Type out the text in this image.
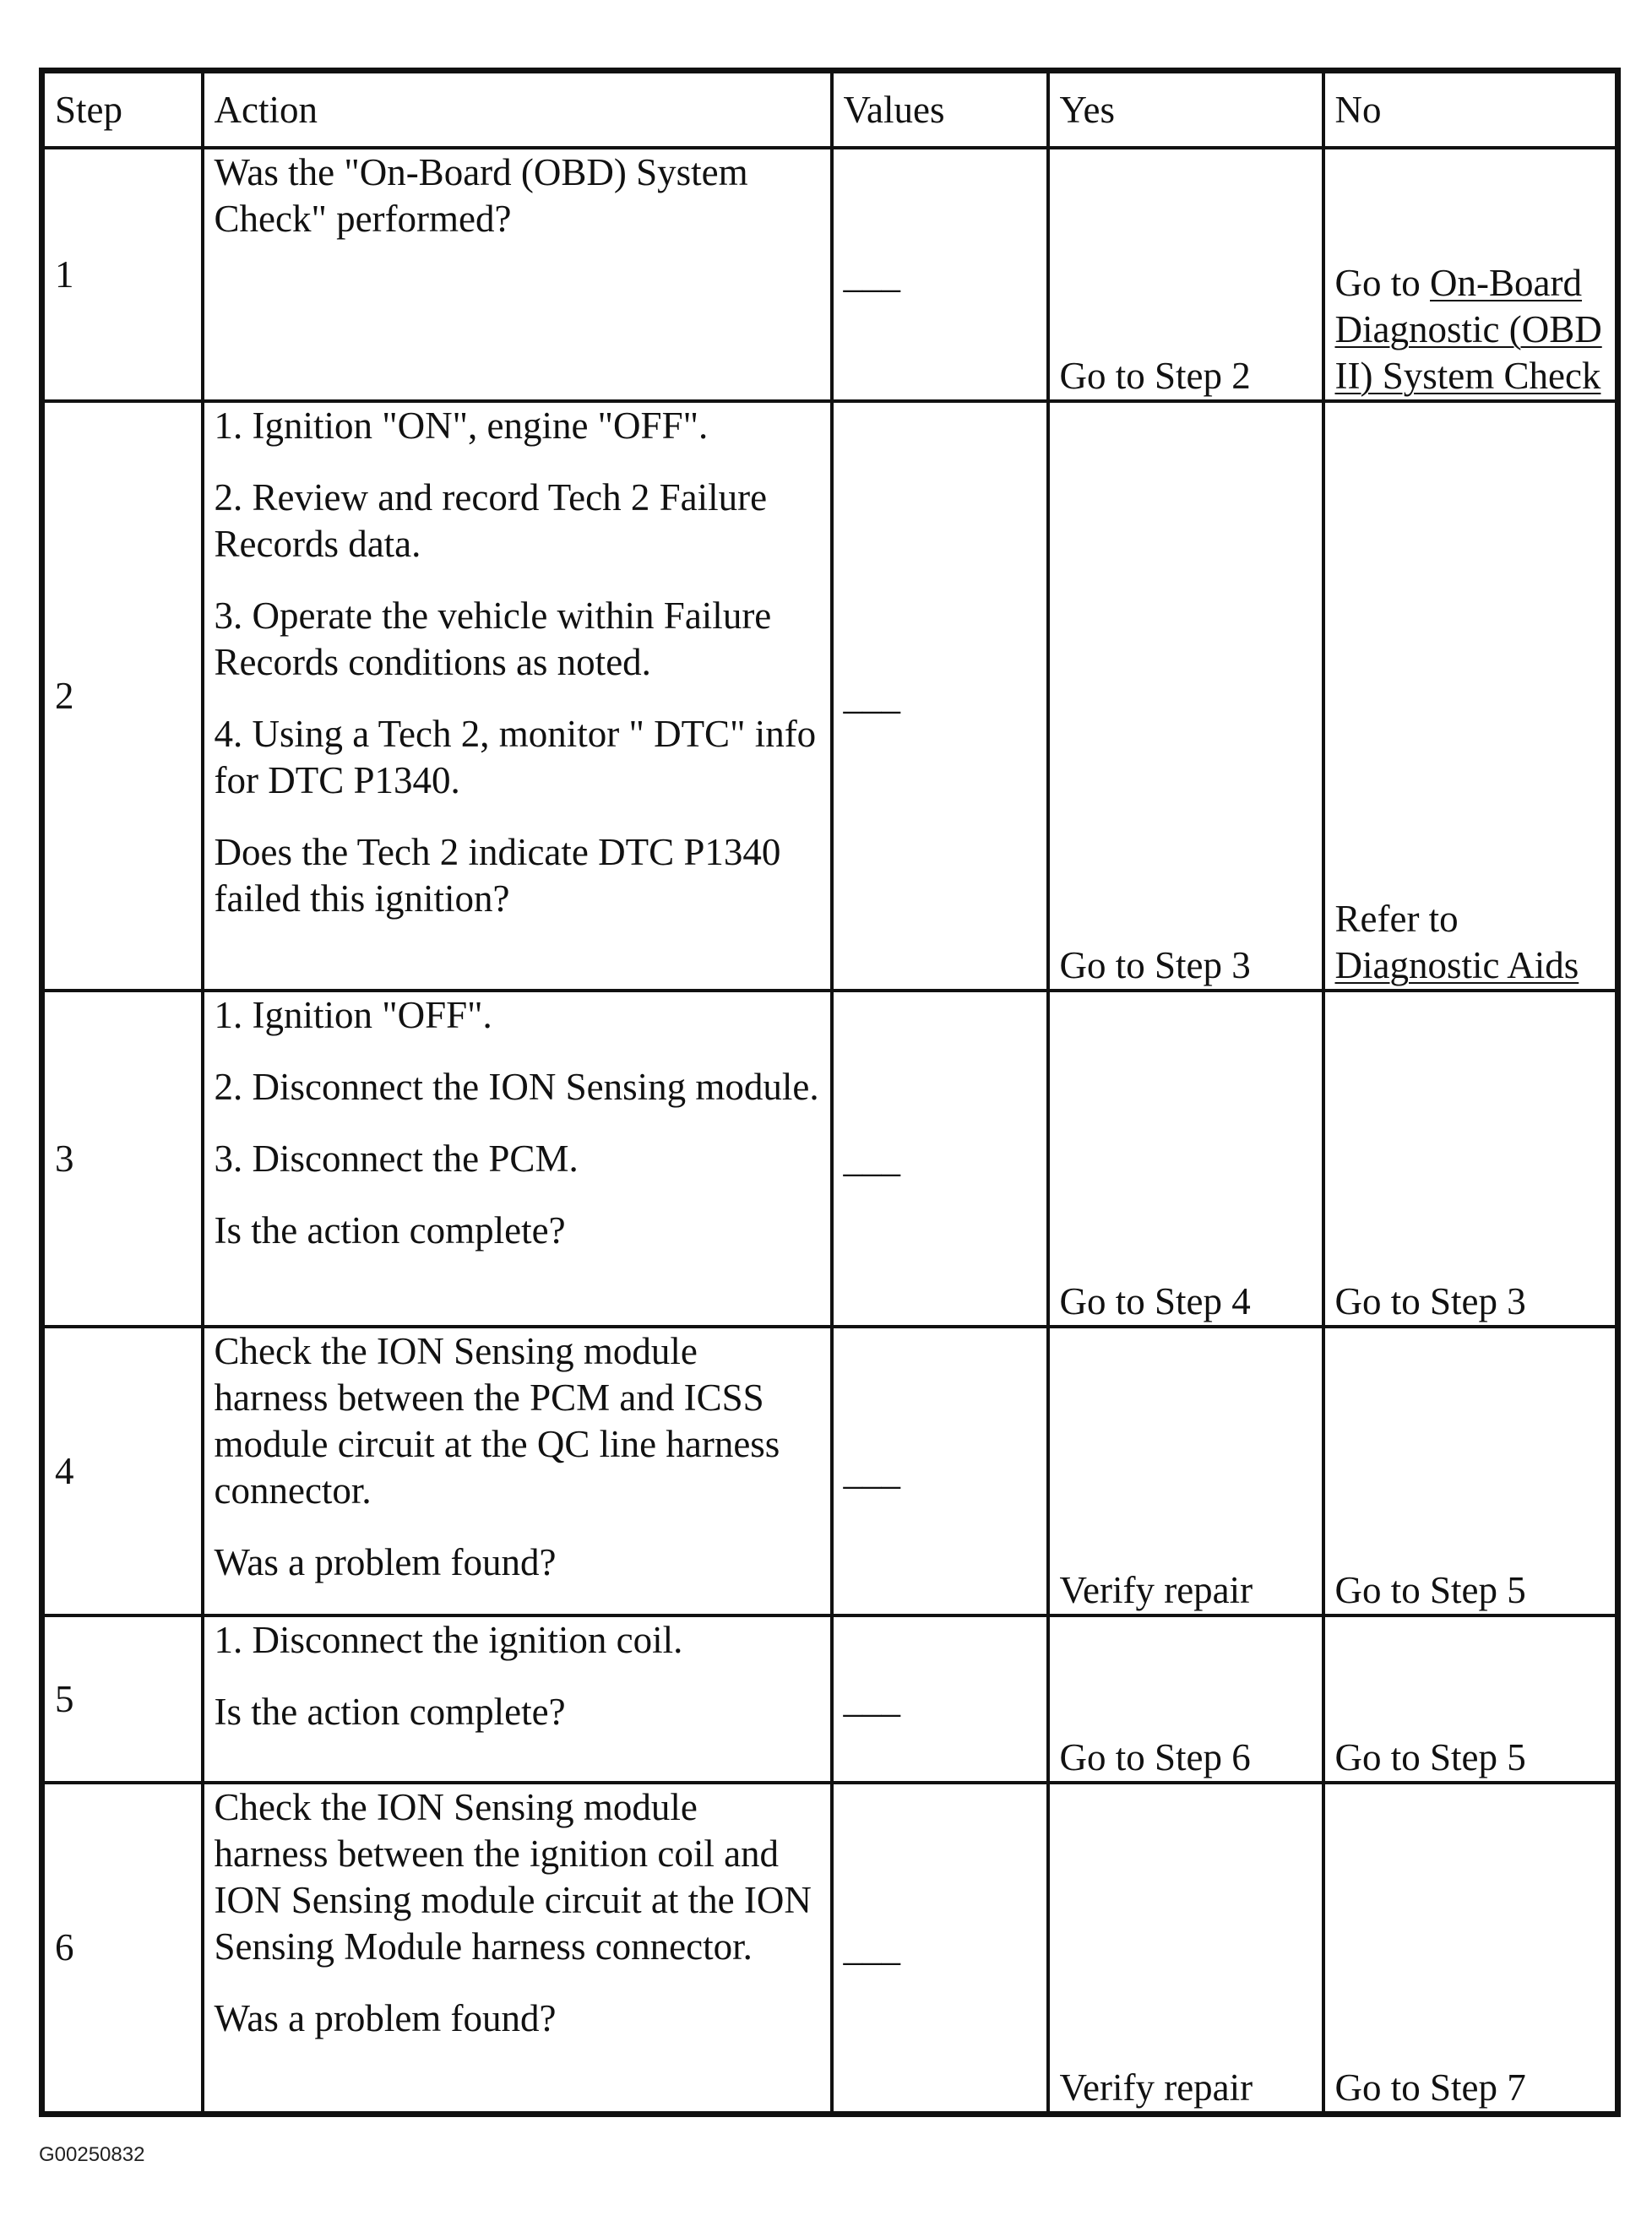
Step	Action	Values	Yes	No
1	Was the "On-Board (OBD) System Check" performed?	___	Go to Step 2	Go to On-Board Diagnostic (OBD II) System Check
2	1. Ignition "ON", engine "OFF".
2. Review and record Tech 2 Failure Records data.
3. Operate the vehicle within Failure Records conditions as noted.
4. Using a Tech 2, monitor " DTC" info for DTC P1340.
Does the Tech 2 indicate DTC P1340 failed this ignition?	___	Go to Step 3	Refer to Diagnostic Aids
3	1. Ignition "OFF".
2. Disconnect the ION Sensing module.
3. Disconnect the PCM.
Is the action complete?	___	Go to Step 4	Go to Step 3
4	Check the ION Sensing module harness between the PCM and ICSS module circuit at the QC line harness connector.
Was a problem found?	___	Verify repair	Go to Step 5
5	1. Disconnect the ignition coil.
Is the action complete?	___	Go to Step 6	Go to Step 5
6	Check the ION Sensing module harness between the ignition coil and ION Sensing module circuit at the ION Sensing Module harness connector.
Was a problem found?	___	Verify repair	Go to Step 7
G00250832
